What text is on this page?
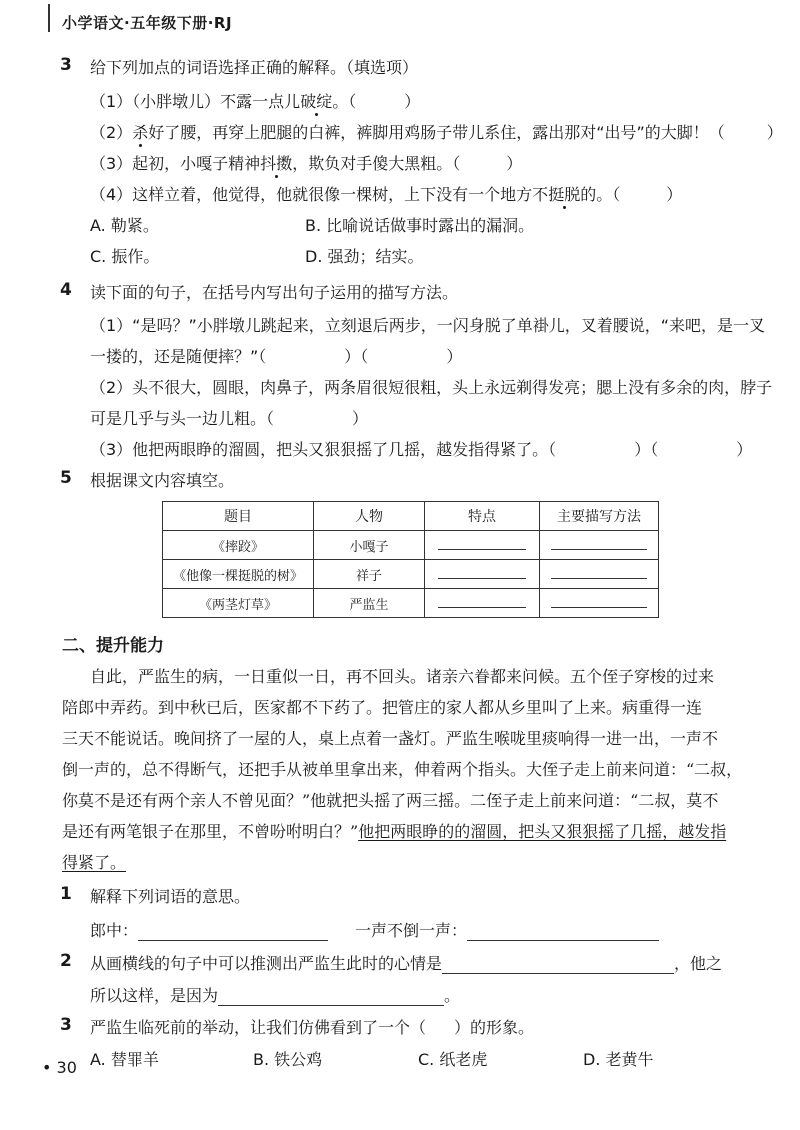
小学语文·五年级下册·RJ
3 给下列加点的词语选择正确的解释。（填选项）
（1）（小胖墩儿）不露一点儿破绽。（	）
（2）杀好了腰，再穿上肥腿的白裤，裤脚用鸡肠子带儿系住，露出那对“出号”的大脚！（	）
（3）起初，小嘎子精神抖擞，欺负对手傻大黑粗。（	）
（4）这样立着，他觉得，他就很像一棵树，上下没有一个地方不挺脱的。（	）
A. 勒紧。	B. 比喻说话做事时露出的漏洞。
C. 振作。	D. 强劲；结实。
4 读下面的句子，在括号内写出句子运用的描写方法。
（1）“是吗？”小胖墩儿跳起来，立刻退后两步，一闪身脱了单褂儿，叉着腰说，“来吧，是一叉
一搂的，还是随便摔？”（	）（	）
（2）头不很大，圆眼，肉鼻子，两条眉很短很粗，头上永远剃得发亮；腮上没有多余的肉，脖子
可是几乎与头一边儿粗。（	）
（3）他把两眼睁的溜圆，把头又狠狠摇了几摇，越发指得紧了。（	）（	）
5 根据课文内容填空。
题目	人物	特点	主要描写方法
《摔跤》	小嘎子		
《他像一棵挺脱的树》	祥子		
《两茎灯草》	严监生		
二、提升能力
自此，严监生的病，一日重似一日，再不回头。诸亲六眷都来问候。五个侄子穿梭的过来
陪郎中弄药。到中秋已后，医家都不下药了。把管庄的家人都从乡里叫了上来。病重得一连
三天不能说话。晚间挤了一屋的人，桌上点着一盏灯。严监生喉咙里痰响得一进一出，一声不
倒一声的，总不得断气，还把手从被单里拿出来，伸着两个指头。大侄子走上前来问道：“二叔，
你莫不是还有两个亲人不曾见面？”他就把头摇了两三摇。二侄子走上前来问道：“二叔，莫不
是还有两笔银子在那里，不曾吩咐明白？”他把两眼睁的的溜圆，把头又狠狠摇了几摇，越发指
得紧了。
1 解释下列词语的意思。
郎中：	一声不倒一声：
2 从画横线的句子中可以推测出严监生此时的心情是	，他之
所以这样，是因为	。
3 严监生临死前的举动，让我们仿佛看到了一个（ ）的形象。
A. 替罪羊	B. 铁公鸡	C. 纸老虎	D. 老黄牛
• 30
